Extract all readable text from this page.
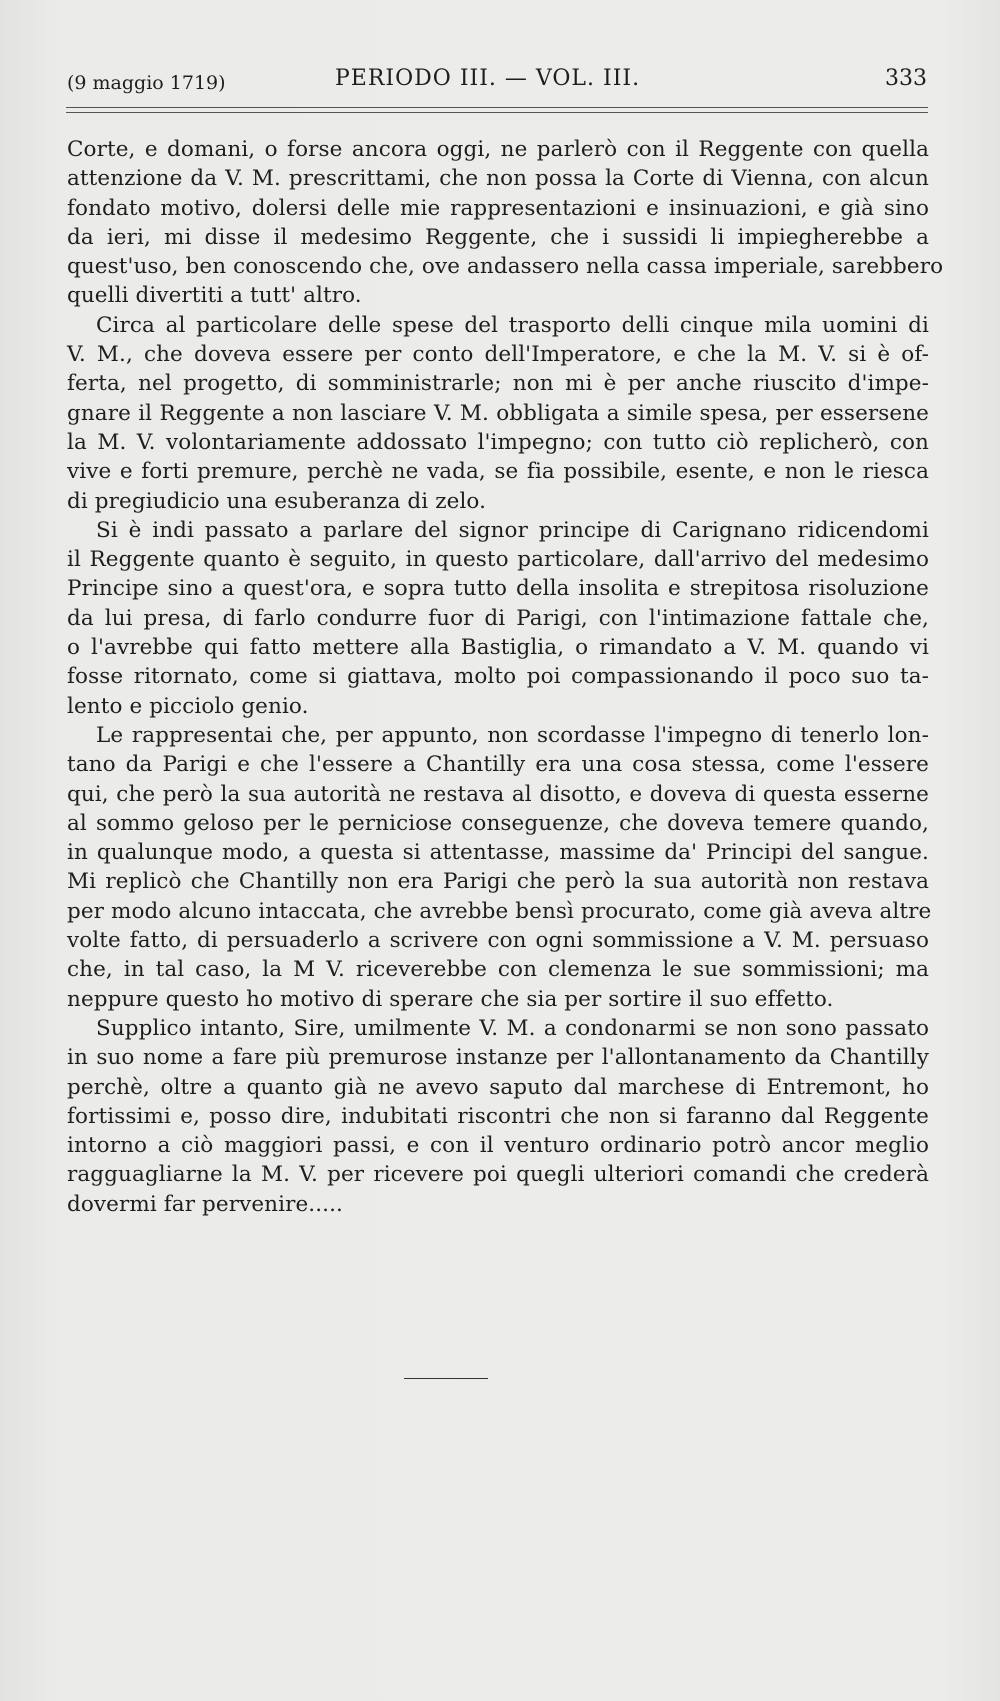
(9 maggio 1719)	PERIODO III. — VOL. III.	333
Corte, e domani, o forse ancora oggi, ne parlerò con il Reggente con quella
attenzione da V. M. prescrittami, che non possa la Corte di Vienna, con alcun
fondato motivo, dolersi delle mie rappresentazioni e insinuazioni, e già sino
da ieri, mi disse il medesimo Reggente, che i sussidi li impiegherebbe a
quest'uso, ben conoscendo che, ove andassero nella cassa imperiale, sarebbero
quelli divertiti a tutt' altro.
Circa al particolare delle spese del trasporto delli cinque mila uomini di
V. M., che doveva essere per conto dell'Imperatore, e che la M. V. si è of-
ferta, nel progetto, di somministrarle; non mi è per anche riuscito d'impe-
gnare il Reggente a non lasciare V. M. obbligata a simile spesa, per essersene
la M. V. volontariamente addossato l'impegno; con tutto ciò replicherò, con
vive e forti premure, perchè ne vada, se fia possibile, esente, e non le riesca
di pregiudicio una esuberanza di zelo.
Si è indi passato a parlare del signor principe di Carignano ridicendomi
il Reggente quanto è seguito, in questo particolare, dall'arrivo del medesimo
Principe sino a quest'ora, e sopra tutto della insolita e strepitosa risoluzione
da lui presa, di farlo condurre fuor di Parigi, con l'intimazione fattale che,
o l'avrebbe qui fatto mettere alla Bastiglia, o rimandato a V. M. quando vi
fosse ritornato, come si giattava, molto poi compassionando il poco suo ta-
lento e picciolo genio.
Le rappresentai che, per appunto, non scordasse l'impegno di tenerlo lon-
tano da Parigi e che l'essere a Chantilly era una cosa stessa, come l'essere
qui, che però la sua autorità ne restava al disotto, e doveva di questa esserne
al sommo geloso per le perniciose conseguenze, che doveva temere quando,
in qualunque modo, a questa si attentasse, massime da' Principi del sangue.
Mi replicò che Chantilly non era Parigi che però la sua autorità non restava
per modo alcuno intaccata, che avrebbe bensì procurato, come già aveva altre
volte fatto, di persuaderlo a scrivere con ogni sommissione a V. M. persuaso
che, in tal caso, la M V. riceverebbe con clemenza le sue sommissioni; ma
neppure questo ho motivo di sperare che sia per sortire il suo effetto.
Supplico intanto, Sire, umilmente V. M. a condonarmi se non sono passato
in suo nome a fare più premurose instanze per l'allontanamento da Chantilly
perchè, oltre a quanto già ne avevo saputo dal marchese di Entremont, ho
fortissimi e, posso dire, indubitati riscontri che non si faranno dal Reggente
intorno a ciò maggiori passi, e con il venturo ordinario potrò ancor meglio
ragguagliarne la M. V. per ricevere poi quegli ulteriori comandi che crederà
dovermi far pervenire.....
